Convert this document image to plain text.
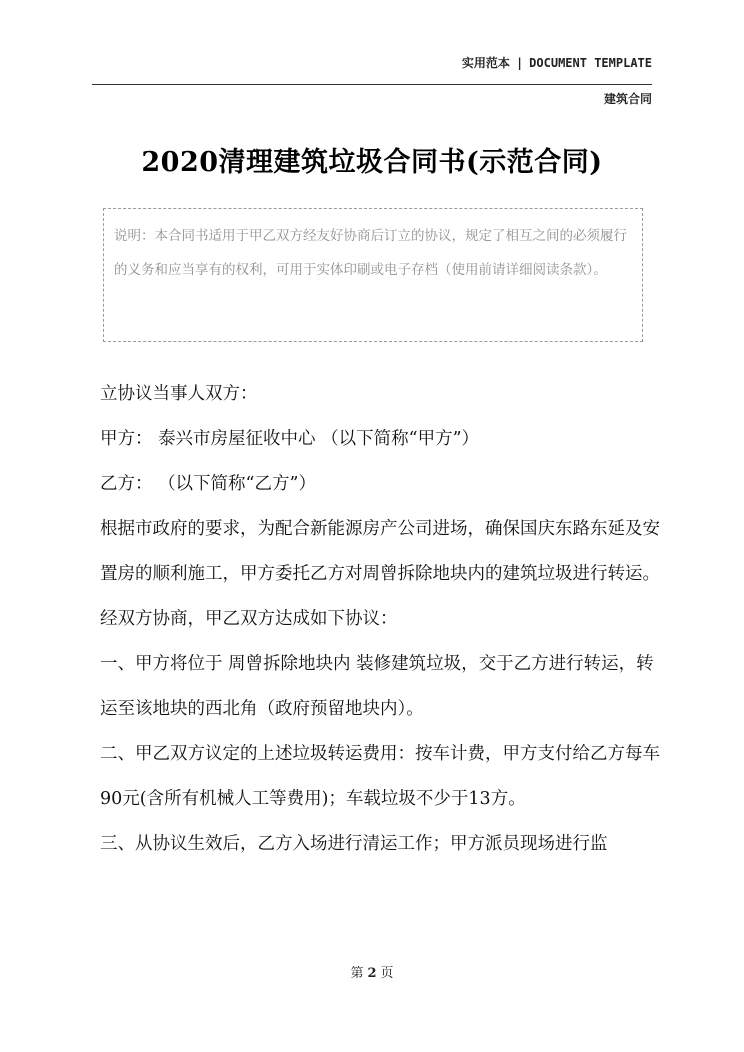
实用范本 | DOCUMENT TEMPLATE
建筑合同
2020清理建筑垃圾合同书(示范合同)
说明：本合同书适用于甲乙双方经友好协商后订立的协议，规定了相互之间的必须履行的义务和应当享有的权利，可用于实体印刷或电子存档（使用前请详细阅读条款）。

立协议当事人双方：

甲方： 泰兴市房屋征收中心 （以下简称“甲方”）

乙方： （以下简称“乙方”）

根据市政府的要求，为配合新能源房产公司进场，确保国庆东路东延及安置房的顺利施工，甲方委托乙方对周曾拆除地块内的建筑垃圾进行转运。经双方协商，甲乙双方达成如下协议：

一、甲方将位于 周曾拆除地块内 装修建筑垃圾，交于乙方进行转运，转运至该地块的西北角（政府预留地块内）。

二、甲乙双方议定的上述垃圾转运费用：按车计费，甲方支付给乙方每车90元(含所有机械人工等费用)；车载垃圾不少于13方。

三、从协议生效后，乙方入场进行清运工作；甲方派员现场进行监

第 2 页
